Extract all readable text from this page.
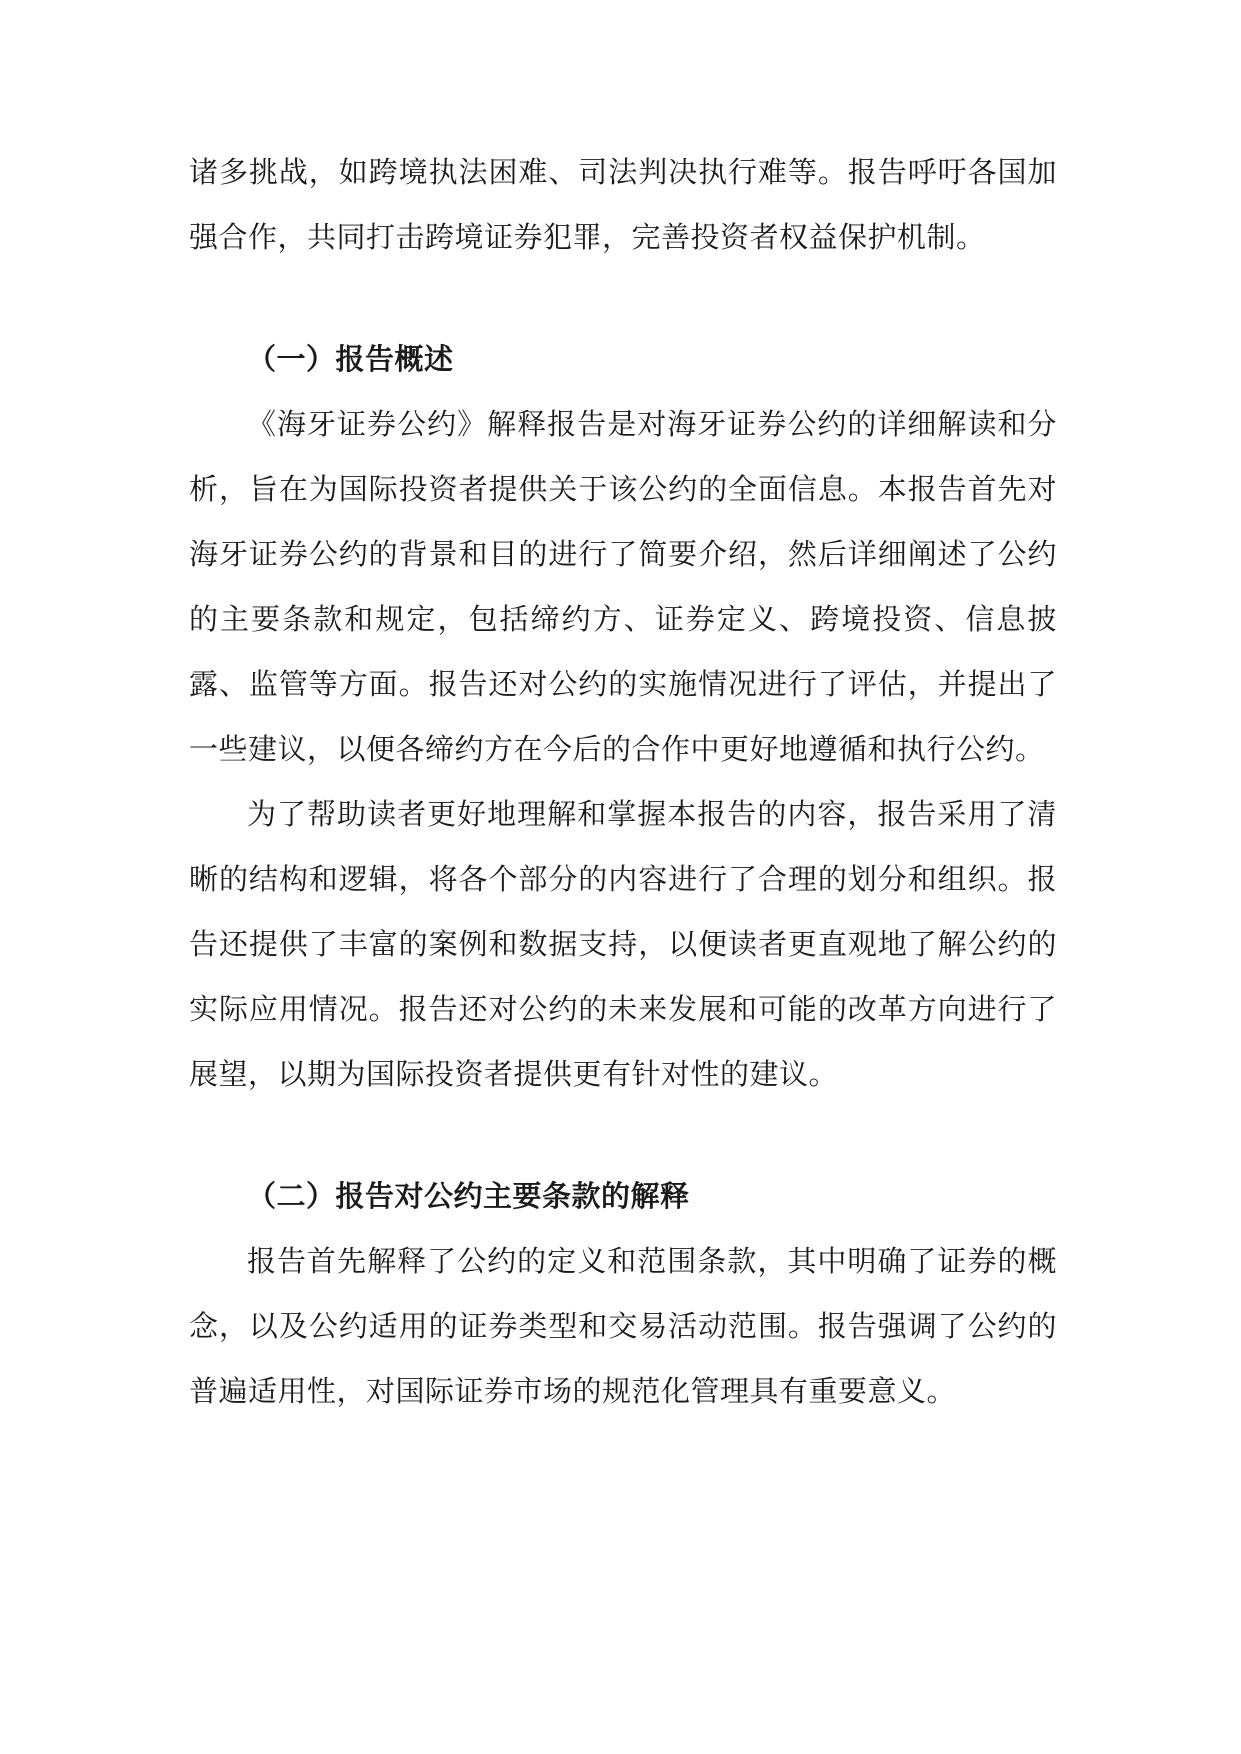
诸多挑战，如跨境执法困难、司法判决执行难等。报告呼吁各国加强合作，共同打击跨境证券犯罪，完善投资者权益保护机制。

（一）报告概述

《海牙证券公约》解释报告是对海牙证券公约的详细解读和分析，旨在为国际投资者提供关于该公约的全面信息。本报告首先对海牙证券公约的背景和目的进行了简要介绍，然后详细阐述了公约的主要条款和规定，包括缔约方、证券定义、跨境投资、信息披露、监管等方面。报告还对公约的实施情况进行了评估，并提出了一些建议，以便各缔约方在今后的合作中更好地遵循和执行公约。

为了帮助读者更好地理解和掌握本报告的内容，报告采用了清晰的结构和逻辑，将各个部分的内容进行了合理的划分和组织。报告还提供了丰富的案例和数据支持，以便读者更直观地了解公约的实际应用情况。报告还对公约的未来发展和可能的改革方向进行了展望，以期为国际投资者提供更有针对性的建议。

（二）报告对公约主要条款的解释

报告首先解释了公约的定义和范围条款，其中明确了证券的概念，以及公约适用的证券类型和交易活动范围。报告强调了公约的普遍适用性，对国际证券市场的规范化管理具有重要意义。
